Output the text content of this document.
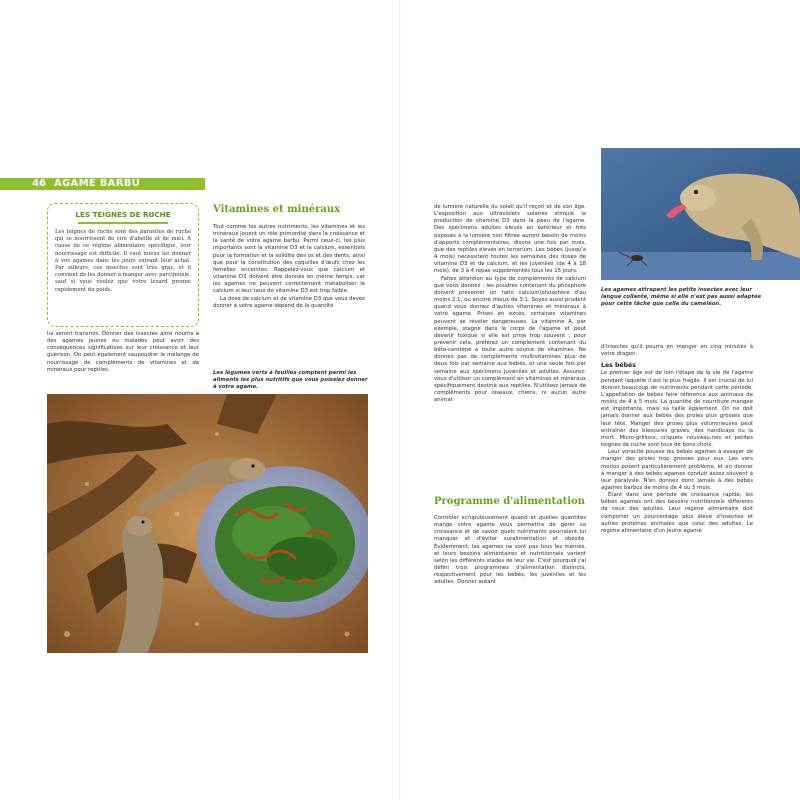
46 AGAME BARBU
LES TEIGNES DE RUCHE
Les teignes de ruche sont des parasites de ruche qui se nourrissent de cire d'abeille et de miel. À cause de ce régime alimentaire spécifique, leur nourrissage est difficile. Il vaut mieux les donner à vos agames dans les jours suivant leur achat. Par ailleurs, ces insectes sont très gras, et il convient de les donner à manger avec parcimonie, sauf si vous voulez que votre lézard prenne rapidement du poids.

lui seront transmis. Donner des insectes ainsi nourris à des agames jeunes ou malades peut avoir des conséquences significatives sur leur croissance et leur guérison. On peut également saupoudrer le mélange de nourrissage de compléments de vitamines et de minéraux pour reptiles.

Vitamines et minéraux

Tout comme les autres nutriments, les vitamines et les minéraux jouent un rôle primordial dans la croissance et la santé de votre agame barbu. Parmi ceux-ci, les plus importants sont la vitamine D3 et le calcium, essentiels pour la formation et la solidité des os et des dents, ainsi que pour la constitution des coquilles d'œufs chez les femelles enceintes. Rappelez-vous que calcium et vitamine D3 doivent être donnés en même temps, car les agames ne peuvent correctement métaboliser le calcium si leur taux de vitamine D3 est trop faible.

La dose de calcium et de vitamine D3 que vous devez donner à votre agame dépend de la quantité

Les légumes verts à feuilles comptent parmi les aliments les plus nutritifs que vous puissiez donner à votre agame.

de lumière naturelle du soleil qu'il reçoit et de son âge. L'exposition aux ultraviolets solaires stimule la production de vitamine D3 dans la peau de l'agame. Des spécimens adultes élevés en extérieur et très exposés à la lumière non filtrée auront besoin de moins d'apports complémentaires, disons une fois par mois, que des reptiles élevés en terrarium. Les bébés (jusqu'à 4 mois) nécessitent toutes les semaines des doses de vitamine D3 et de calcium, et les juvéniles (de 4 à 18 mois), de 3 à 4 repas supplémentés tous les 15 jours.

Faites attention au type de compléments de calcium que vous donnez : les poudres contenant du phosphore doivent présenter un ratio calcium/phosphore d'au moins 2:1, ou encore mieux de 3:1. Soyez aussi prudent quand vous donnez d'autres vitamines et minéraux à votre agame. Prises en excès, certaines vitamines peuvent se révéler dangereuses. La vitamine A, par exemple, stagne dans le corps de l'agame et peut devenir toxique si elle est prise trop souvent ; pour prévenir cela, préférez un complément contenant du bêta-carotène à toute autre source de vitamines. Ne donnez pas de compléments multivitaminés plus de deux fois par semaine aux bébés, et une seule fois par semaine aux spécimens juvéniles et adultes. Assurez-vous d'utiliser un complément en vitamines et minéraux spécifiquement destiné aux reptiles. N'utilisez jamais de compléments pour oiseaux, chiens, ni aucun autre animal.

Programme d'alimentation

Contrôler scrupuleusement quand et quelles quantités mange votre agame vous permettra de gérer sa croissance et de savoir quels nutriments pourraient lui manquer et d'éviter suralimentation et obésité. Évidemment, les agames ne sont pas tous les mêmes, et leurs besoins alimentaires et nutritionnels varient selon les différents stades de leur vie. C'est pourquoi j'ai défini trois programmes d'alimentation distincts, respectivement pour les bébés, les juvéniles et les adultes. Donner autant

Les agames attrapent les petits insectes avec leur langue collante, même si elle n'est pas aussi adaptée pour cette tâche que celle du caméléon.

d'insectes qu'il pourra en manger en cinq minutes à votre dragon.

Les bébés

Le premier âge est de loin l'étape de la vie de l'agame pendant laquelle il est le plus fragile. Il est crucial de lui donner beaucoup de nutriments pendant cette période. L'appellation de bébés faire référence aux animaux de moins de 4 à 5 mois. La quantité de nourriture mangée est importante, mais sa taille également. On ne doit jamais donner aux bébés des proies plus grosses que leur tête. Manger des proies plus volumineuses peut entraîner des blessures graves, des handicaps ou la mort. Micro-grillons, criquets nouveau-nés et petites teignes de ruche sont tous de bons choix.

Leur voracité pousse les bébés agames à essayer de manger des proies trop grosses pour eux. Les vers morios posent particulièrement problème, et en donner à manger à des bébés agames conduit assez souvent à leur paralysie. N'en donnez donc jamais à des bébés agames barbus de moins de 4 ou 5 mois.

Étant dans une période de croissance rapide, les bébés agames ont des besoins nutritionnels différents de ceux des adultes. Leur régime alimentaire doit comporter un pourcentage plus élevé d'insectes et autres protéines animales que celui des adultes. Le régime alimentaire d'un jeune agame
